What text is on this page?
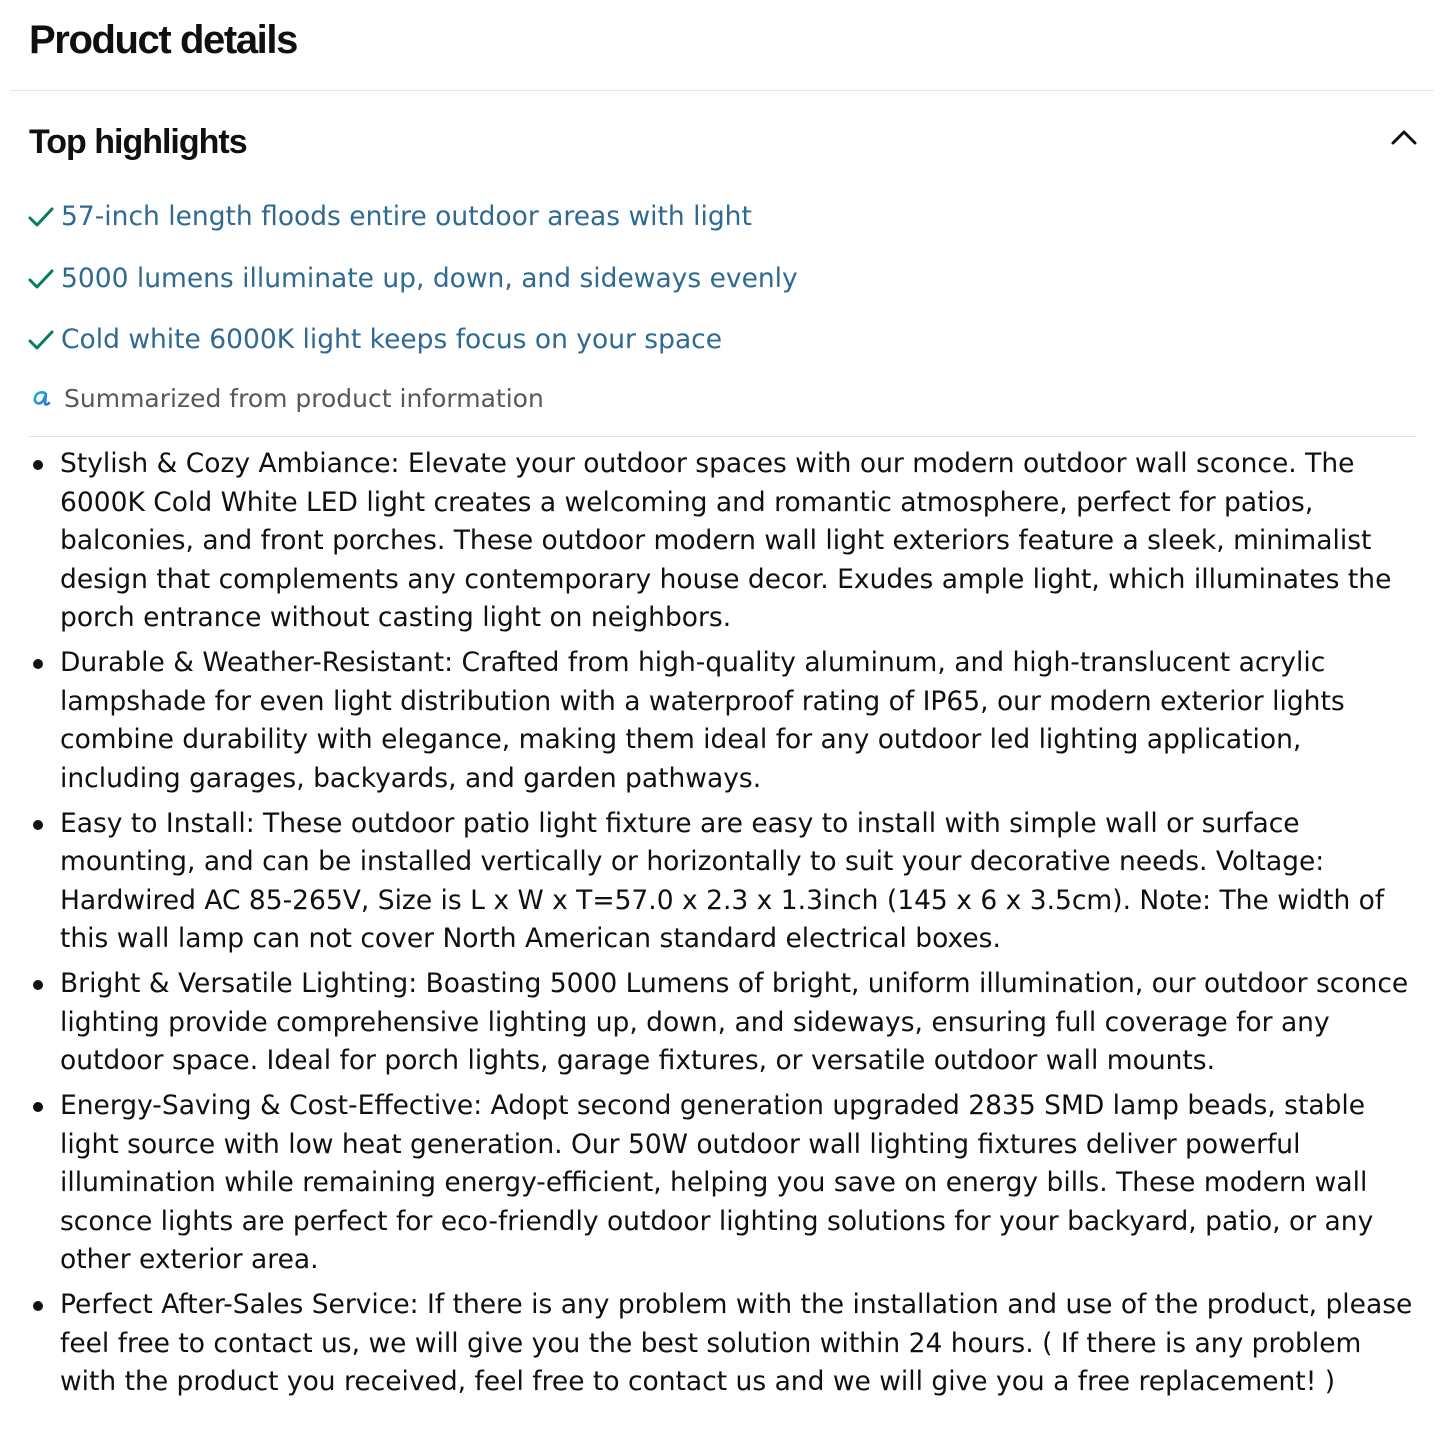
Product details
Top highlights
57-inch length floods entire outdoor areas with light
5000 lumens illuminate up, down, and sideways evenly
Cold white 6000K light keeps focus on your space
Summarized from product information
Stylish & Cozy Ambiance: Elevate your outdoor spaces with our modern outdoor wall sconce. The 6000K Cold White LED light creates a welcoming and romantic atmosphere, perfect for patios, balconies, and front porches. These outdoor modern wall light exteriors feature a sleek, minimalist design that complements any contemporary house decor. Exudes ample light, which illuminates the porch entrance without casting light on neighbors.
Durable & Weather-Resistant: Crafted from high-quality aluminum, and high-translucent acrylic lampshade for even light distribution with a waterproof rating of IP65, our modern exterior lights combine durability with elegance, making them ideal for any outdoor led lighting application, including garages, backyards, and garden pathways.
Easy to Install: These outdoor patio light fixture are easy to install with simple wall or surface mounting, and can be installed vertically or horizontally to suit your decorative needs. Voltage: Hardwired AC 85-265V, Size is L x W x T=57.0 x 2.3 x 1.3inch (145 x 6 x 3.5cm). Note: The width of this wall lamp can not cover North American standard electrical boxes.
Bright & Versatile Lighting: Boasting 5000 Lumens of bright, uniform illumination, our outdoor sconce lighting provide comprehensive lighting up, down, and sideways, ensuring full coverage for any outdoor space. Ideal for porch lights, garage fixtures, or versatile outdoor wall mounts.
Energy-Saving & Cost-Effective: Adopt second generation upgraded 2835 SMD lamp beads, stable light source with low heat generation. Our 50W outdoor wall lighting fixtures deliver powerful illumination while remaining energy-efficient, helping you save on energy bills. These modern wall sconce lights are perfect for eco-friendly outdoor lighting solutions for your backyard, patio, or any other exterior area.
Perfect After-Sales Service: If there is any problem with the installation and use of the product, please feel free to contact us, we will give you the best solution within 24 hours. ( If there is any problem with the product you received, feel free to contact us and we will give you a free replacement! )
